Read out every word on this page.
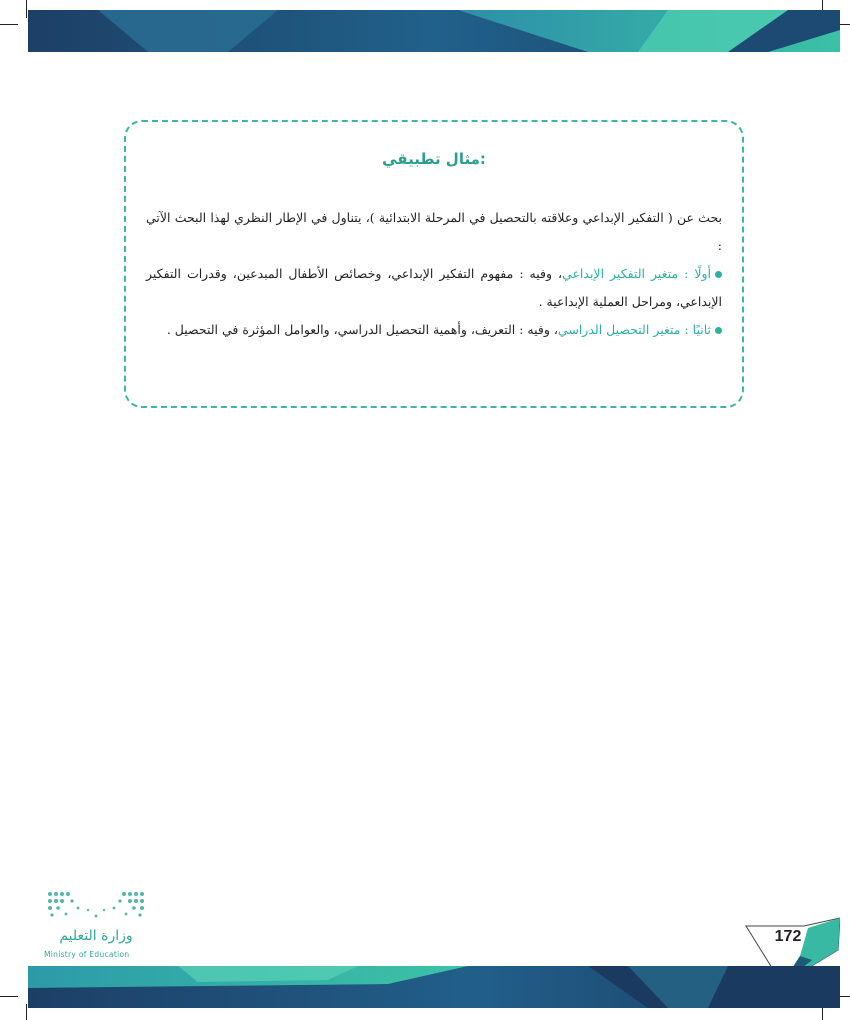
مثال تطبيقي:

بحث عن ( التفكير الإبداعي وعلاقته بالتحصيل في المرحلة الابتدائية )، يتناول في الإطار النظري لهذا البحث الآتي :

أولًا : متغير التفكير الإبداعي، وفيه : مفهوم التفكير الإبداعي، وخصائص الأطفال المبدعين، وقدرات التفكير الإبداعي، ومراحل العملية الإبداعية .

ثانيًا : متغير التحصيل الدراسي، وفيه : التعريف، وأهمية التحصيل الدراسي، والعوامل المؤثرة في التحصيل .

وزارة التعليم
Ministry of Education
172
